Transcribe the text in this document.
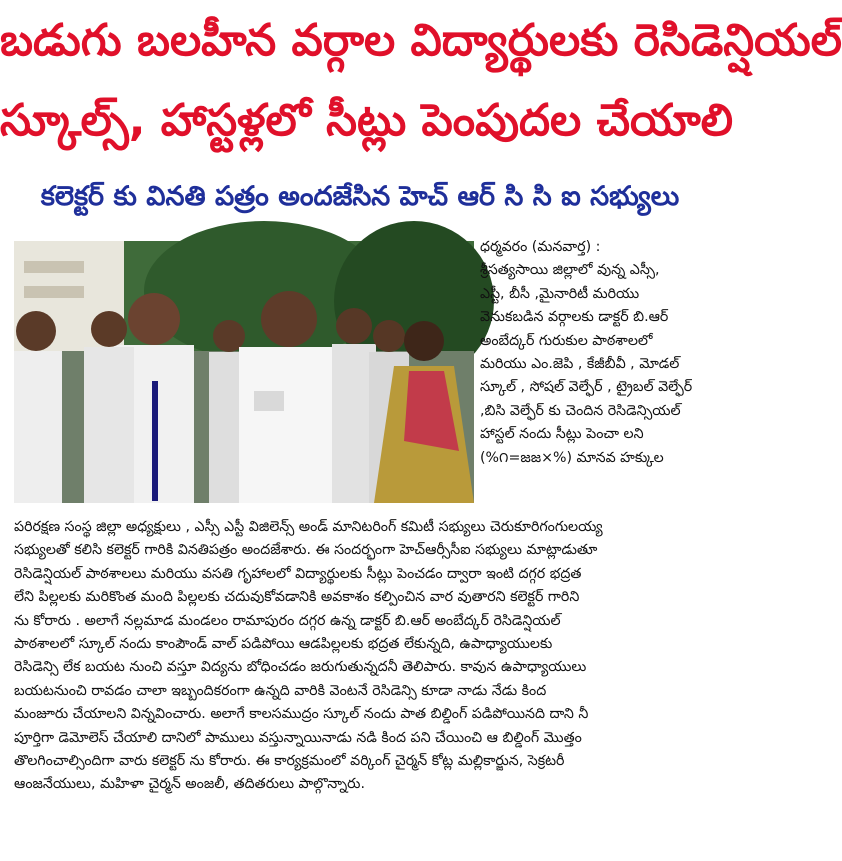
బడుగు బలహీన వర్గాల విద్యార్థులకు రెసిడెన్షియల్
స్కూల్స్, హాస్టళ్లలో సీట్లు పెంపుదల చేయాలి
కలెక్టర్ కు వినతి పత్రం అందజేసిన హెచ్ ఆర్ సి సి ఐ సభ్యులు
ధర్మవరం (మనవార్త) :
శ్రీసత్యసాయి జిల్లాలో వున్న ఎస్సీ,
ఎస్టీ, బీసీ ,మైనారిటీ మరియు
వెనుకబడిన వర్గాలకు డాక్టర్ బి.ఆర్
అంబేద్కర్ గురుకుల పాఠశాలలో
మరియు ఎం.జెపి , కేజీబీవీ , మోడల్
స్కూల్ , సోషల్ వెల్ఫేర్ , ట్రైబల్ వెల్ఫేర్
,బిసి వెల్ఫేర్ కు చెందిన రెసిడెన్సియల్
హాస్టల్ నందు సీట్లు పెంచా లని
(%౧=జజ×%) మానవ హక్కుల
పరిరక్షణ సంస్థ జిల్లా అధ్యక్షులు , ఎస్సీ ఎస్టీ విజిలెన్స్ అండ్ మానిటరింగ్ కమిటీ సభ్యులు చెరుకూరిగంగులయ్య
సభ్యులతో కలిసి కలెక్టర్ గారికి వినతిపత్రం అందజేశారు. ఈ సందర్భంగా హెచ్ఆర్సీసీఐ సభ్యులు మాట్లాడుతూ
రెసిడెన్షియల్ పాఠశాలలు మరియు వసతి గృహాలలో విద్యార్థులకు సీట్లు పెంచడం ద్వారా ఇంటి దగ్గర భద్రత
లేని పిల్లలకు మరికొంత మంది పిల్లలకు చదువుకోవడానికి అవకాశం కల్పించిన వార వుతారని కలెక్టర్ గారిని
ను కోరారు . అలాగే నల్లమాడ మండలం రామాపురం దగ్గర ఉన్న డాక్టర్ బి.ఆర్ అంబేద్కర్ రెసిడెన్షియల్
పాఠశాలలో స్కూల్ నందు కాంపౌండ్ వాల్ పడిపోయి ఆడపిల్లలకు భద్రత లేకున్నది, ఉపాధ్యాయులకు
రెసిడెన్సి లేక బయట నుంచి వస్తూ విద్యను బోధించడం జరుగుతున్నదనీ తెలిపారు. కావున ఉపాధ్యాయులు
బయటనుంచి రావడం చాలా ఇబ్బందికరంగా ఉన్నది వారికి వెంటనే రెసిడెన్సి కూడా నాడు నేడు కింద
మంజూరు చేయాలని విన్నవించారు. అలాగే కాలసముద్రం స్కూల్ నందు పాత బిల్డింగ్ పడిపోయినది దాని నీ
పూర్తిగా డెమోలెస్ చేయాలి దానిలో పాములు వస్తున్నాయినాడు నడి కింద పని చేయించి ఆ బిల్డింగ్ మొత్తం
తొలగించాల్సిందిగా వారు కలెక్టర్ ను కోరారు. ఈ కార్యక్రమంలో వర్కింగ్ చైర్మన్ కోట్ల మల్లికార్జున, సెక్రటరీ
ఆంజనేయులు, మహిళా చైర్మన్ అంజలీ, తదితరులు పాల్గొన్నారు.
